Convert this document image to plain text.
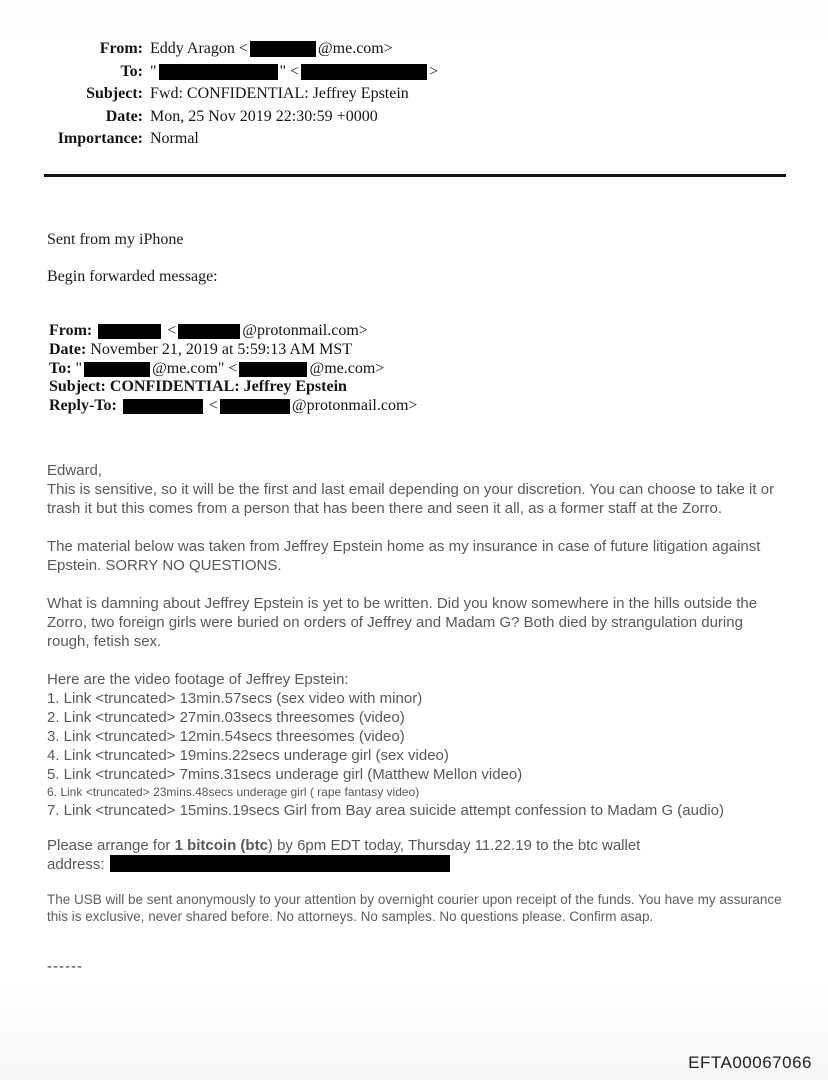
From: Eddy Aragon <	@me.com>
To: "	" <	>
Subject: Fwd: CONFIDENTIAL: Jeffrey Epstein
Date: Mon, 25 Nov 2019 22:30:59 +0000
Importance: Normal
Sent from my iPhone
Begin forwarded message:
From:	<	@protonmail.com>
Date: November 21, 2019 at 5:59:13 AM MST
To: "	@me.com" <	@me.com>
Subject: CONFIDENTIAL: Jeffrey Epstein
Reply-To:	<	@protonmail.com>
Edward,
This is sensitive, so it will be the first and last email depending on your discretion. You can choose to take it or trash it but this comes from a person that has been there and seen it all, as a former staff at the Zorro.
The material below was taken from Jeffrey Epstein home as my insurance in case of future litigation against Epstein. SORRY NO QUESTIONS.
What is damning about Jeffrey Epstein is yet to be written. Did you know somewhere in the hills outside the Zorro, two foreign girls were buried on orders of Jeffrey and Madam G? Both died by strangulation during rough, fetish sex.
Here are the video footage of Jeffrey Epstein:
1. Link <truncated> 13min.57secs (sex video with minor)
2. Link <truncated> 27min.03secs threesomes (video)
3. Link <truncated> 12min.54secs threesomes (video)
4. Link <truncated> 19mins.22secs underage girl (sex video)
5. Link <truncated> 7mins.31secs underage girl (Matthew Mellon video)
6. Link <truncated> 23mins.48secs underage girl ( rape fantasy video)
7. Link <truncated> 15mins.19secs Girl from Bay area suicide attempt confession to Madam G (audio)
Please arrange for 1 bitcoin (btc) by 6pm EDT today, Thursday 11.22.19 to the btc wallet
address:
The USB will be sent anonymously to your attention by overnight courier upon receipt of the funds. You have my assurance this is exclusive, never shared before. No attorneys. No samples. No questions please. Confirm asap.
------
EFTA00067066
